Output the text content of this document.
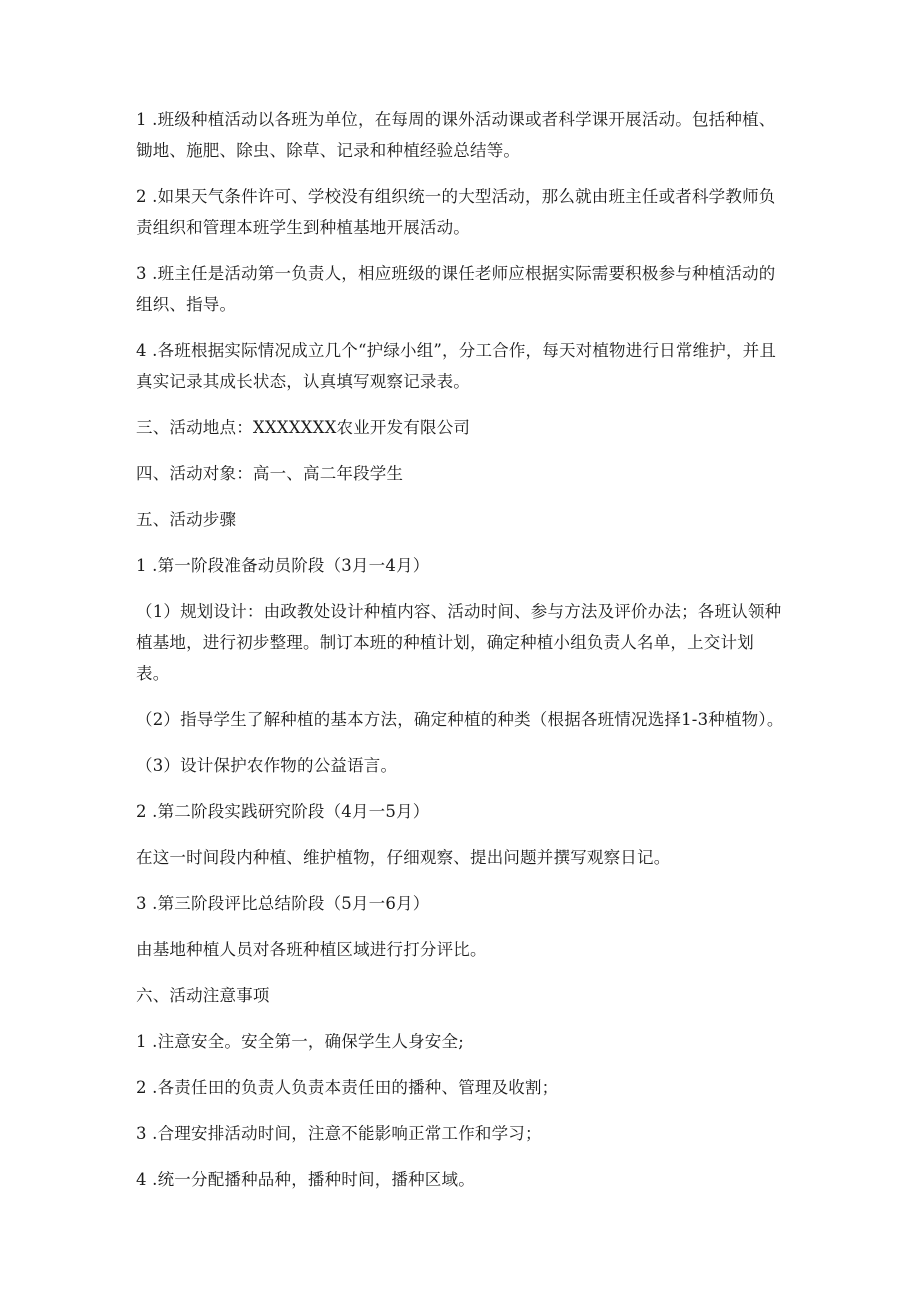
1 .班级种植活动以各班为单位，在每周的课外活动课或者科学课开展活动。包括种植、锄地、施肥、除虫、除草、记录和种植经验总结等。

2 .如果天气条件许可、学校没有组织统一的大型活动，那么就由班主任或者科学教师负责组织和管理本班学生到种植基地开展活动。

3 .班主任是活动第一负责人，相应班级的课任老师应根据实际需要积极参与种植活动的组织、指导。

4 .各班根据实际情况成立几个“护绿小组”，分工合作，每天对植物进行日常维护，并且真实记录其成长状态，认真填写观察记录表。

三、活动地点：XXXXXXX农业开发有限公司

四、活动对象：高一、高二年段学生

五、活动步骤

1 .第一阶段准备动员阶段（3月一4月）

（1）规划设计：由政教处设计种植内容、活动时间、参与方法及评价办法；各班认领种植基地，进行初步整理。制订本班的种植计划，确定种植小组负责人名单，上交计划表。

（2）指导学生了解种植的基本方法，确定种植的种类（根据各班情况选择1-3种植物）。

（3）设计保护农作物的公益语言。

2 .第二阶段实践研究阶段（4月一5月）

在这一时间段内种植、维护植物，仔细观察、提出问题并撰写观察日记。

3 .第三阶段评比总结阶段（5月一6月）

由基地种植人员对各班种植区域进行打分评比。

六、活动注意事项

1 .注意安全。安全第一，确保学生人身安全;

2 .各责任田的负责人负责本责任田的播种、管理及收割；

3 .合理安排活动时间，注意不能影响正常工作和学习；

4 .统一分配播种品种，播种时间，播种区域。
